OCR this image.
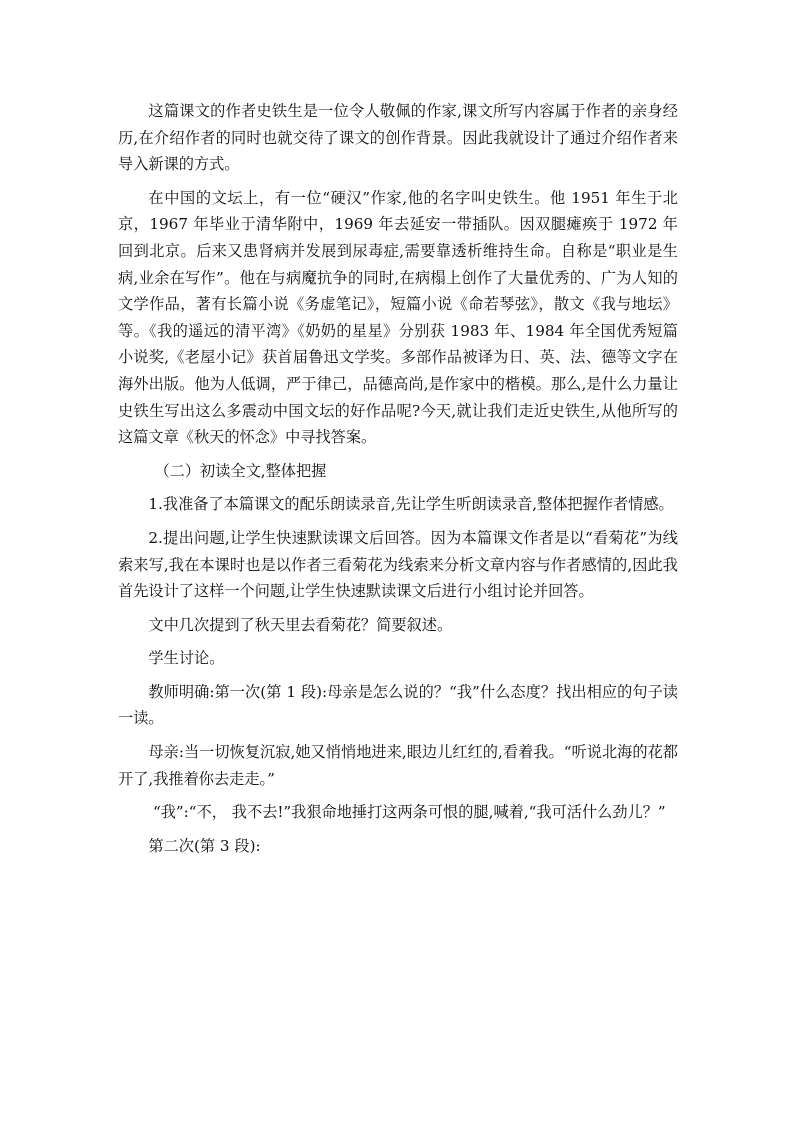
这篇课文的作者史铁生是一位令人敬佩的作家,课文所写内容属于作者的亲身经历,在介绍作者的同时也就交待了课文的创作背景。因此我就设计了通过介绍作者来导入新课的方式。

在中国的文坛上，有一位“硬汉”作家,他的名字叫史铁生。他 1951 年生于北京，1967 年毕业于清华附中，1969 年去延安一带插队。因双腿瘫痪于 1972 年回到北京。后来又患肾病并发展到尿毒症,需要靠透析维持生命。自称是“职业是生病,业余在写作”。他在与病魔抗争的同时,在病榻上创作了大量优秀的、广为人知的文学作品，著有长篇小说《务虚笔记》，短篇小说《命若琴弦》，散文《我与地坛》等。《我的遥远的清平湾》《奶奶的星星》分别获 1983 年、1984 年全国优秀短篇小说奖,《老屋小记》获首届鲁迅文学奖。多部作品被译为日、英、法、德等文字在海外出版。他为人低调，严于律己，品德高尚,是作家中的楷模。那么,是什么力量让史铁生写出这么多震动中国文坛的好作品呢?今天,就让我们走近史铁生,从他所写的这篇文章《秋天的怀念》中寻找答案。

（二）初读全文,整体把握

1.我准备了本篇课文的配乐朗读录音,先让学生听朗读录音,整体把握作者情感。

2.提出问题,让学生快速默读课文后回答。因为本篇课文作者是以“看菊花”为线索来写,我在本课时也是以作者三看菊花为线索来分析文章内容与作者感情的,因此我首先设计了这样一个问题,让学生快速默读课文后进行小组讨论并回答。

文中几次提到了秋天里去看菊花？简要叙述。

学生讨论。

教师明确:第一次(第 1 段):母亲是怎么说的？“我”什么态度？找出相应的句子读一读。

母亲:当一切恢复沉寂,她又悄悄地进来,眼边儿红红的,看着我。“听说北海的花都开了,我推着你去走走。”

“我”:“不， 我不去!”我狠命地捶打这两条可恨的腿,喊着,“我可活什么劲儿？”

第二次(第 3 段):
